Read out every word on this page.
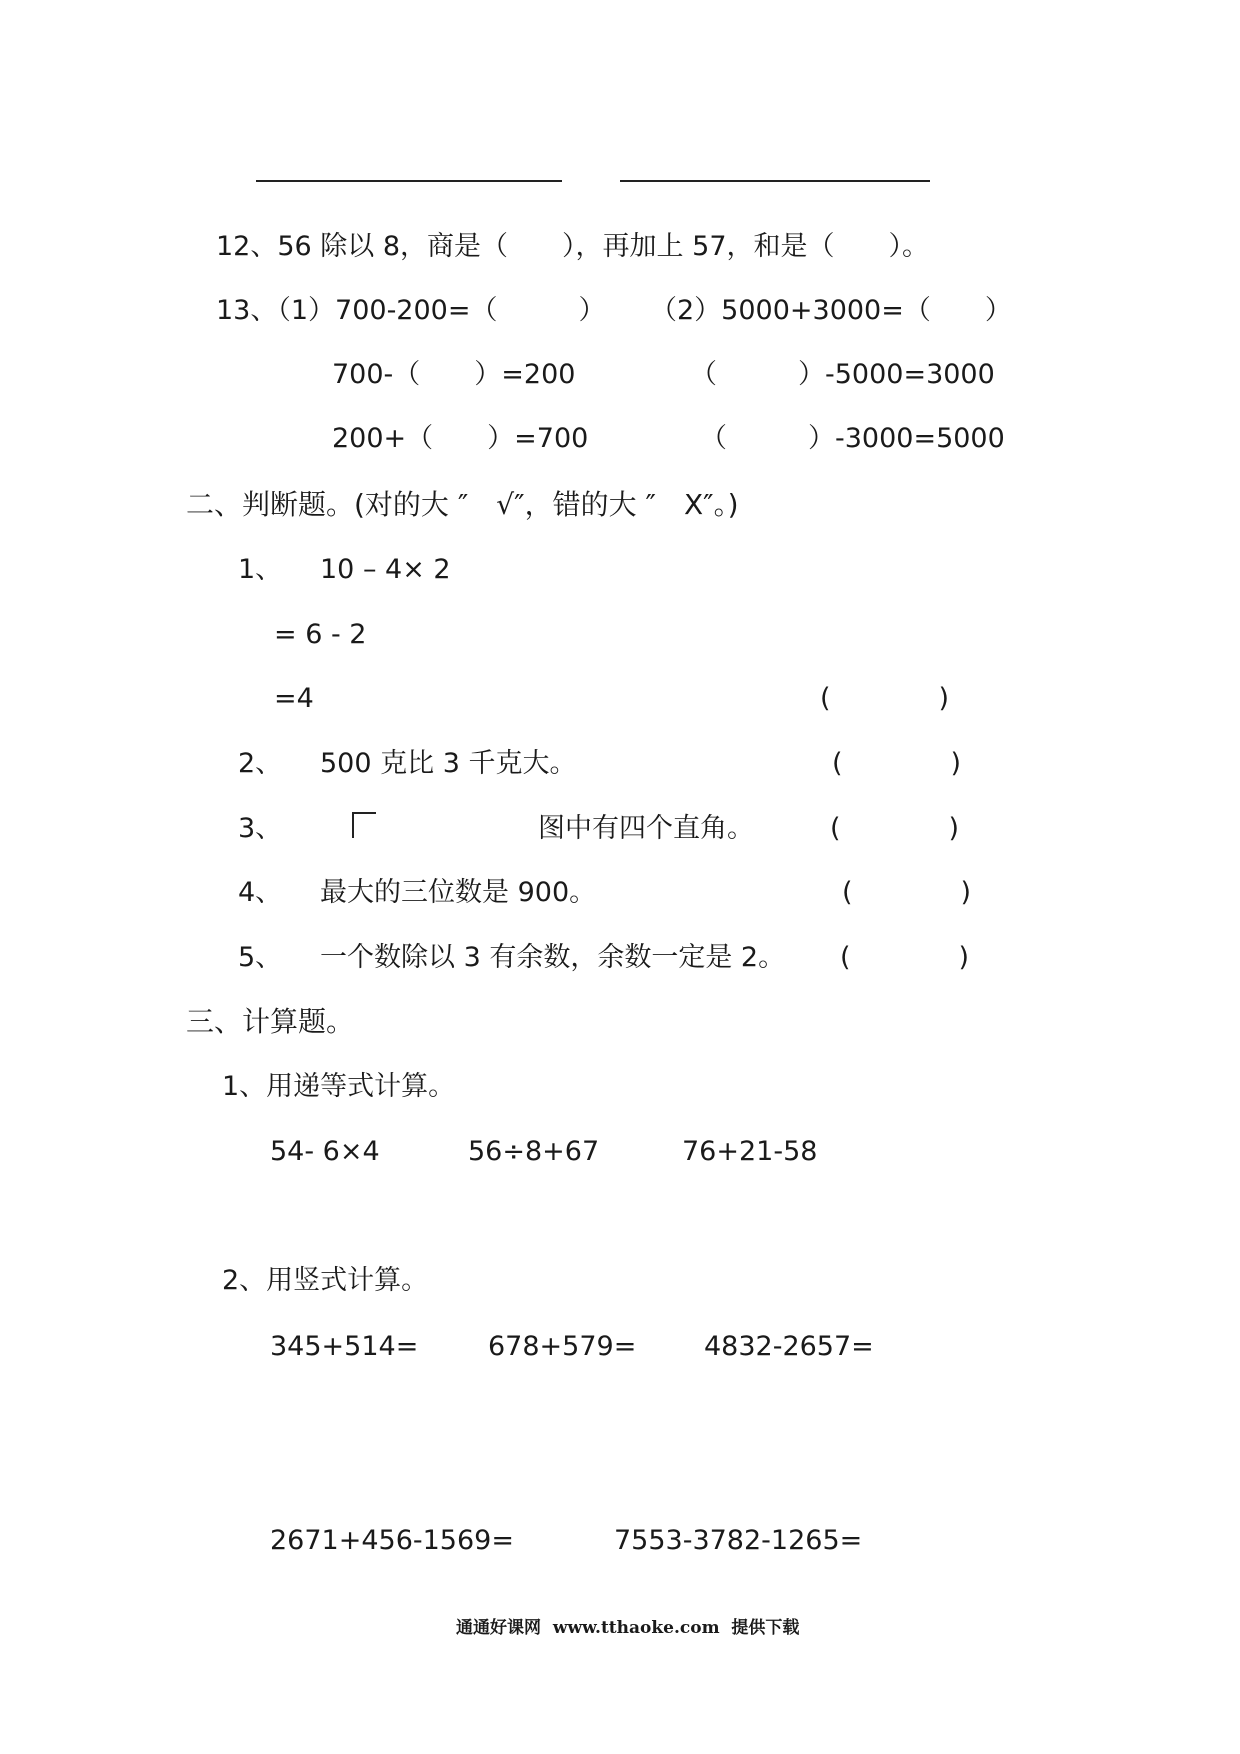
12、56 除以 8，商是（　　），再加上 57，和是（　　）。
13、（1）700-200=（　　　） （2）5000+3000=（　　）
700-（　　）=200	（　　　）-5000=3000
200+（　　）=700	（　　　）-3000=5000
二、判断题。(对的大 ″　√″，错的大 ″　X″。)
1、 10 – 4× 2
= 6 - 2
=4	(　　　　)
2、 500 克比 3 千克大。	(　　　　)
3、	图中有四个直角。	(　　　　)
4、 最大的三位数是 900。	(　　　　)
5、 一个数除以 3 有余数，余数一定是 2。 (　　　　)
三、计算题。
1、用递等式计算。
54- 6×4	56÷8+67	76+21-58
2、用竖式计算。
345+514=	678+579=	4832-2657=
2671+456-1569=	7553-3782-1265=
通通好课网  www.tthaoke.com  提供下载
